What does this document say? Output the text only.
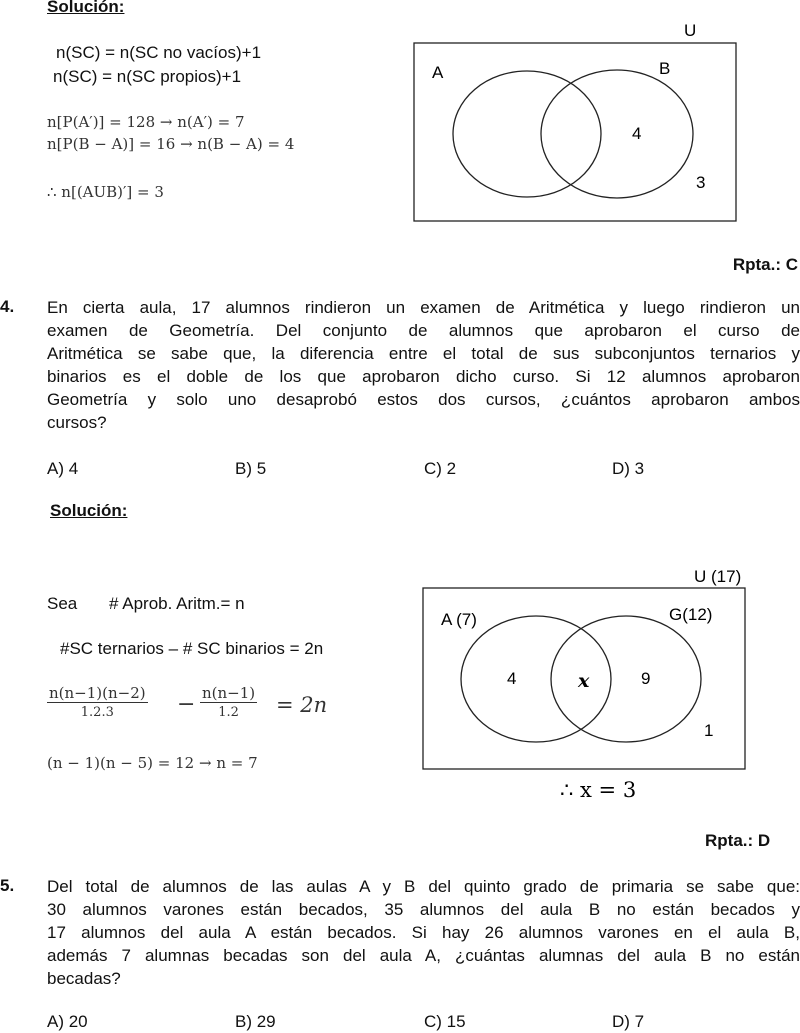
Solución:
n(SC) = n(SC no vacíos)+1
n(SC) = n(SC propios)+1
n[P(A′)] = 128 → n(A′) = 7
n[P(B − A)] = 16 → n(B − A) = 4
∴ n[(AUB)′] = 3
U
A	B
4
3
Rpta.: C
4. En cierta aula, 17 alumnos rindieron un examen de Aritmética y luego rindieron un
examen de Geometría. Del conjunto de alumnos que aprobaron el curso de
Aritmética se sabe que, la diferencia entre el total de sus subconjuntos ternarios y
binarios es el doble de los que aprobaron dicho curso. Si 12 alumnos aprobaron
Geometría y solo uno desaprobó estos dos cursos, ¿cuántos aprobaron ambos
cursos?
A) 4	B) 5	C) 2	D) 3
Solución:
Sea # Aprob. Aritm.= n
#SC ternarios – # SC binarios = 2n
$\frac{n(n-1)(n-2)}{1.2.3} - \frac{n(n-1)}{1.2} = 2n$
(n − 1)(n − 5) = 12 → n = 7
U (17)
A (7)	G(12)
4	x	9
1
∴ x = 3
Rpta.: D
5. Del total de alumnos de las aulas A y B del quinto grado de primaria se sabe que:
30 alumnos varones están becados, 35 alumnos del aula B no están becados y
17 alumnos del aula A están becados. Si hay 26 alumnos varones en el aula B,
además 7 alumnas becadas son del aula A, ¿cuántas alumnas del aula B no están
becadas?
A) 20	B) 29	C) 15	D) 7
